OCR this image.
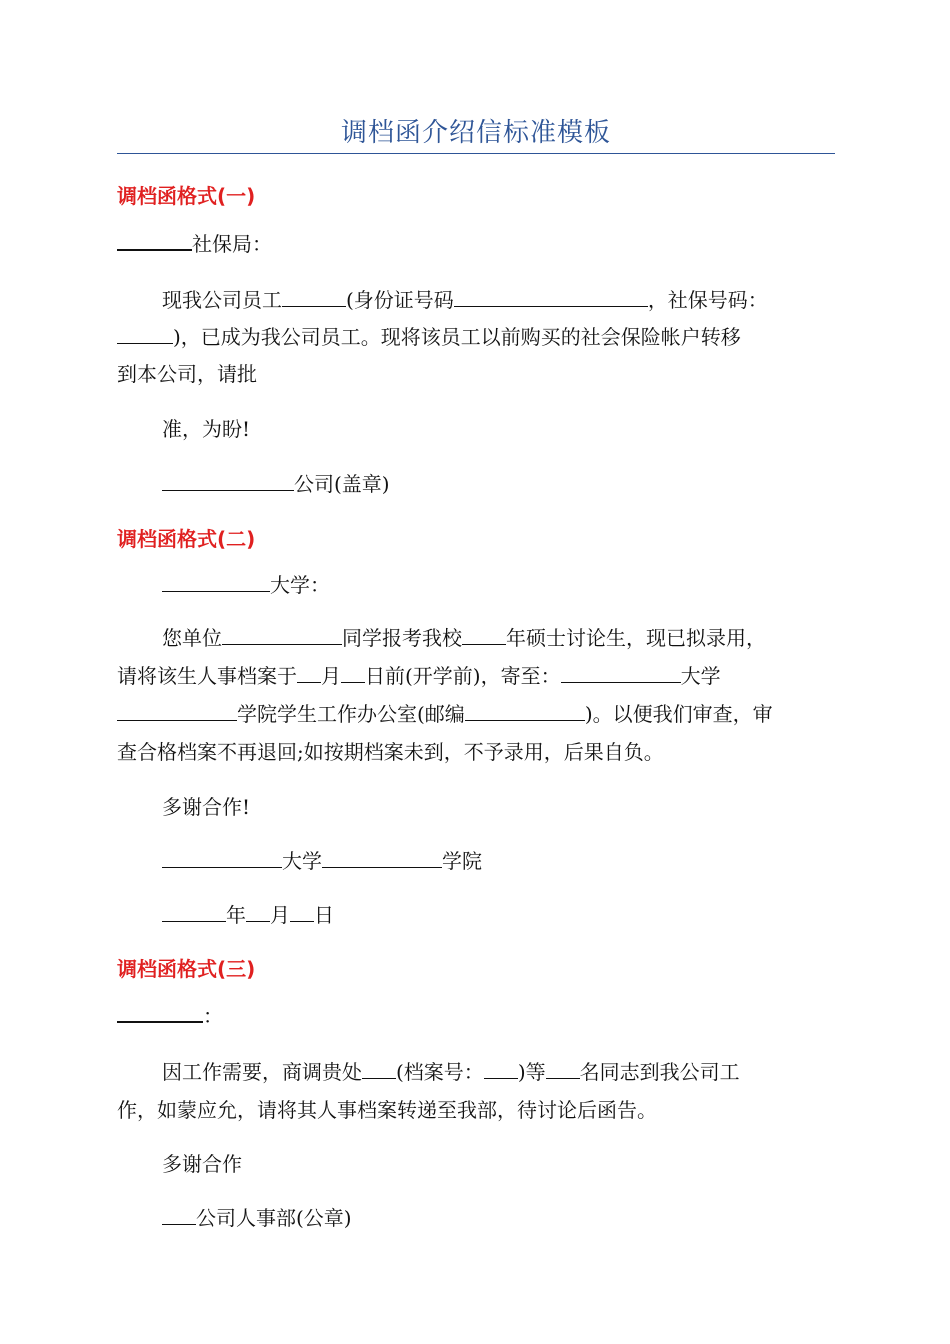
调档函介绍信标准模板
调档函格式(一)
社保局：
现我公司员工	(身份证号码	，社保号码：
)，已成为我公司员工。现将该员工以前购买的社会保险帐户转移
到本公司，请批
准，为盼!
公司(盖章)
调档函格式(二)
大学：
您单位	同学报考我校 年硕士讨论生，现已拟录用，
请将该生人事档案于 月 日前(开学前)，寄至：	大学
学院学生工作办公室(邮编	)。以便我们审查，审
查合格档案不再退回;如按期档案未到，不予录用，后果自负。
多谢合作!
大学	学院
年 月 日
调档函格式(三)
：
因工作需要，商调贵处 (档案号： )等 名同志到我公司工
作，如蒙应允，请将其人事档案转递至我部，待讨论后函告。
多谢合作
公司人事部(公章)
